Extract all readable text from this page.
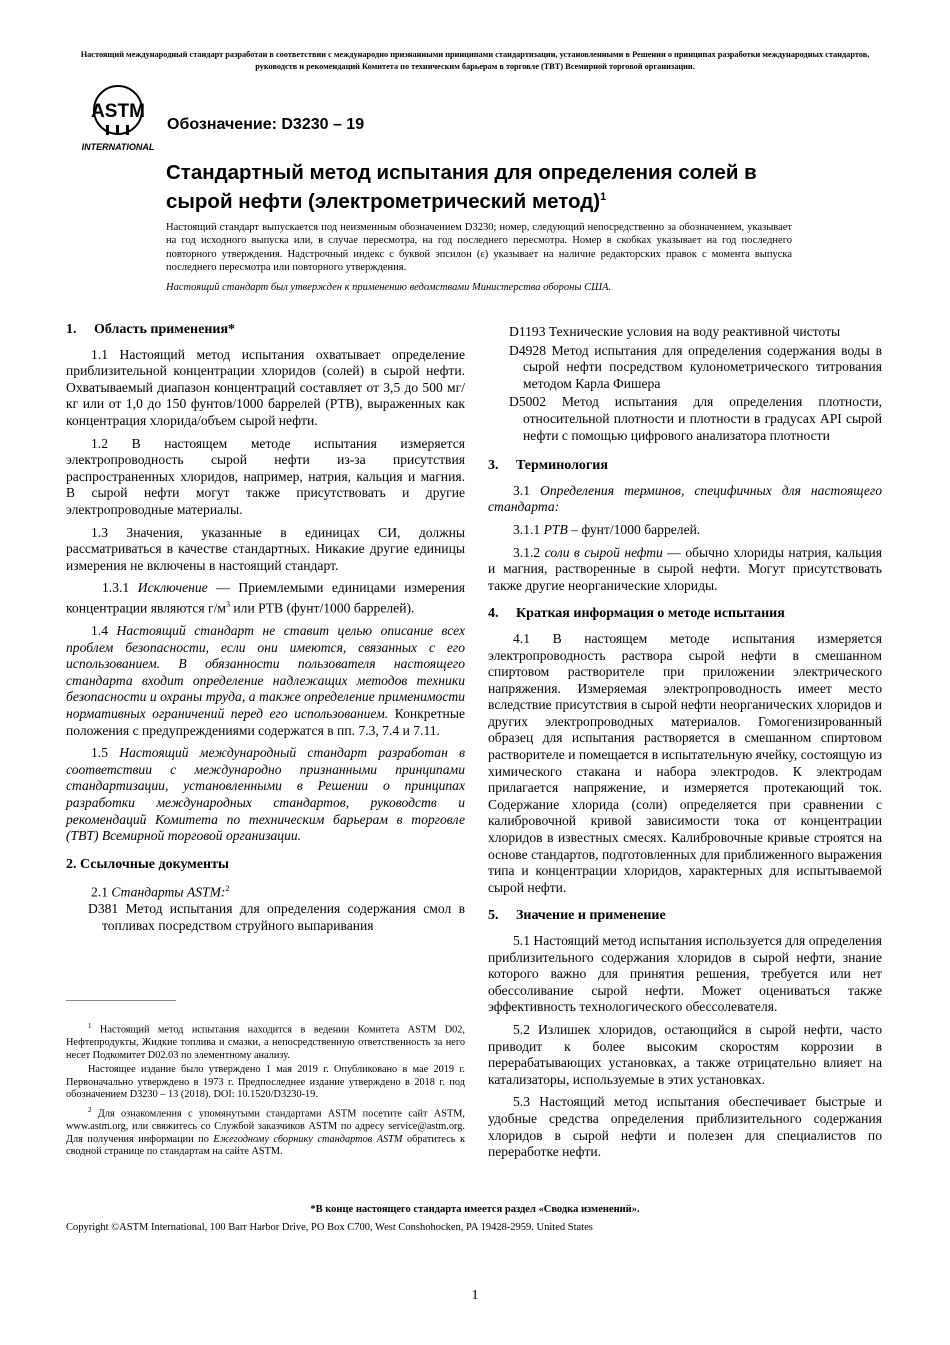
Настоящий международный стандарт разработан в соответствии с международно признанными принципами стандартизации, установленными в Решении о принципах разработки международных стандартов, руководств и рекомендаций Комитета по техническим барьерам в торговле (TBT) Всемирной торговой организации.
ASTM
INTERNATIONAL
Обозначение: D3230 – 19
Стандартный метод испытания для определения солей в сырой нефти (электрометрический метод)$^1$
Настоящий стандарт выпускается под неизменным обозначением D3230; номер, следующий непосредственно за обозначением, указывает на год исходного выпуска или, в случае пересмотра, на год последнего пересмотра. Номер в скобках указывает на год последнего повторного утверждения. Надстрочный индекс с буквой эпсилон (ε) указывает на наличие редакторских правок с момента выпуска последнего пересмотра или повторного утверждения.
Настоящий стандарт был утвержден к применению ведомствами Министерства обороны США.
1. Область применения*

1.1 Настоящий метод испытания охватывает определение приблизительной концентрации хлоридов (солей) в сырой нефти. Охватываемый диапазон концентраций составляет от 3,5 до 500 мг/кг или от 1,0 до 150 фунтов/1000 баррелей (PTB), выраженных как концентрация хлорида/объем сырой нефти.

1.2 В настоящем методе испытания измеряется электропроводность сырой нефти из-за присутствия распространенных хлоридов, например, натрия, кальция и магния. В сырой нефти могут также присутствовать и другие электропроводные материалы.

1.3 Значения, указанные в единицах СИ, должны рассматриваться в качестве стандартных. Никакие другие единицы измерения не включены в настоящий стандарт.

1.3.1 Исключение — Приемлемыми единицами измерения концентрации являются $г/м^3$ или PTB (фунт/1000 баррелей).

1.4 Настоящий стандарт не ставит целью описание всех проблем безопасности, если они имеются, связанных с его использованием. В обязанности пользователя настоящего стандарта входит определение надлежащих методов техники безопасности и охраны труда, а также определение применимости нормативных ограничений перед его использованием. Конкретные положения с предупреждениями содержатся в пп. 7.3, 7.4 и 7.11.

1.5 Настоящий международный стандарт разработан в соответствии с международно признанными принципами стандартизации, установленными в Решении о принципах разработки международных стандартов, руководств и рекомендаций Комитета по техническим барьерам в торговле (TBT) Всемирной торговой организации.

2. Ссылочные документы

2.1 Стандарты ASTM:$^2$

D381 Метод испытания для определения содержания смол в топливах посредством струйного выпаривания

D1193 Технические условия на воду реактивной чистоты

D4928 Метод испытания для определения содержания воды в сырой нефти посредством кулонометрического титрования методом Карла Фишера

D5002 Метод испытания для определения плотности, относительной плотности и плотности в градусах API сырой нефти с помощью цифрового анализатора плотности

3. Терминология

3.1 Определения терминов, специфичных для настоящего стандарта:

3.1.1 PTB – фунт/1000 баррелей.

3.1.2 соли в сырой нефти — обычно хлориды натрия, кальция и магния, растворенные в сырой нефти. Могут присутствовать также другие неорганические хлориды.

4. Краткая информация о методе испытания

4.1 В настоящем методе испытания измеряется электропроводность раствора сырой нефти в смешанном спиртовом растворителе при приложении электрического напряжения. Измеряемая электропроводность имеет место вследствие присутствия в сырой нефти неорганических хлоридов и других электропроводных материалов. Гомогенизированный образец для испытания растворяется в смешанном спиртовом растворителе и помещается в испытательную ячейку, состоящую из химического стакана и набора электродов. К электродам прилагается напряжение, и измеряется протекающий ток. Содержание хлорида (соли) определяется при сравнении с калибровочной кривой зависимости тока от концентрации хлоридов в известных смесях. Калибровочные кривые строятся на основе стандартов, подготовленных для приближенного выражения типа и концентрации хлоридов, характерных для испытываемой сырой нефти.

5. Значение и применение

5.1 Настоящий метод испытания используется для определения приблизительного содержания хлоридов в сырой нефти, знание которого важно для принятия решения, требуется или нет обессоливание сырой нефти. Может оцениваться также эффективность технологического обессолевателя.

5.2 Излишек хлоридов, остающийся в сырой нефти, часто приводит к более высоким скоростям коррозии в перерабатывающих установках, а также отрицательно влияет на катализаторы, используемые в этих установках.

5.3 Настоящий метод испытания обеспечивает быстрые и удобные средства определения приблизительного содержания хлоридов в сырой нефти и полезен для специалистов по переработке нефти.

$^1$ Настоящий метод испытания находится в ведении Комитета ASTM D02, Нефтепродукты, Жидкие топлива и смазки, а непосредственную ответственность за него несет Подкомитет D02.03 по элементному анализу.

Настоящее издание было утверждено 1 мая 2019 г. Опубликовано в мае 2019 г. Первоначально утверждено в 1973 г. Предпоследнее издание утверждено в 2018 г. под обозначением D3230 – 13 (2018). DOI: 10.1520/D3230-19.

$^2$ Для ознакомления с упомянутыми стандартами ASTM посетите сайт ASTM, www.astm.org, или свяжитесь со Службой заказчиков ASTM по адресу service@astm.org. Для получения информации по Ежегодному сборнику стандартов ASTM обратитесь к сводной странице по стандартам на сайте ASTM.

*В конце настоящего стандарта имеется раздел «Сводка изменений».
Copyright ©ASTM International, 100 Barr Harbor Drive, PO Box C700, West Conshohocken, PA 19428-2959. United States
1
